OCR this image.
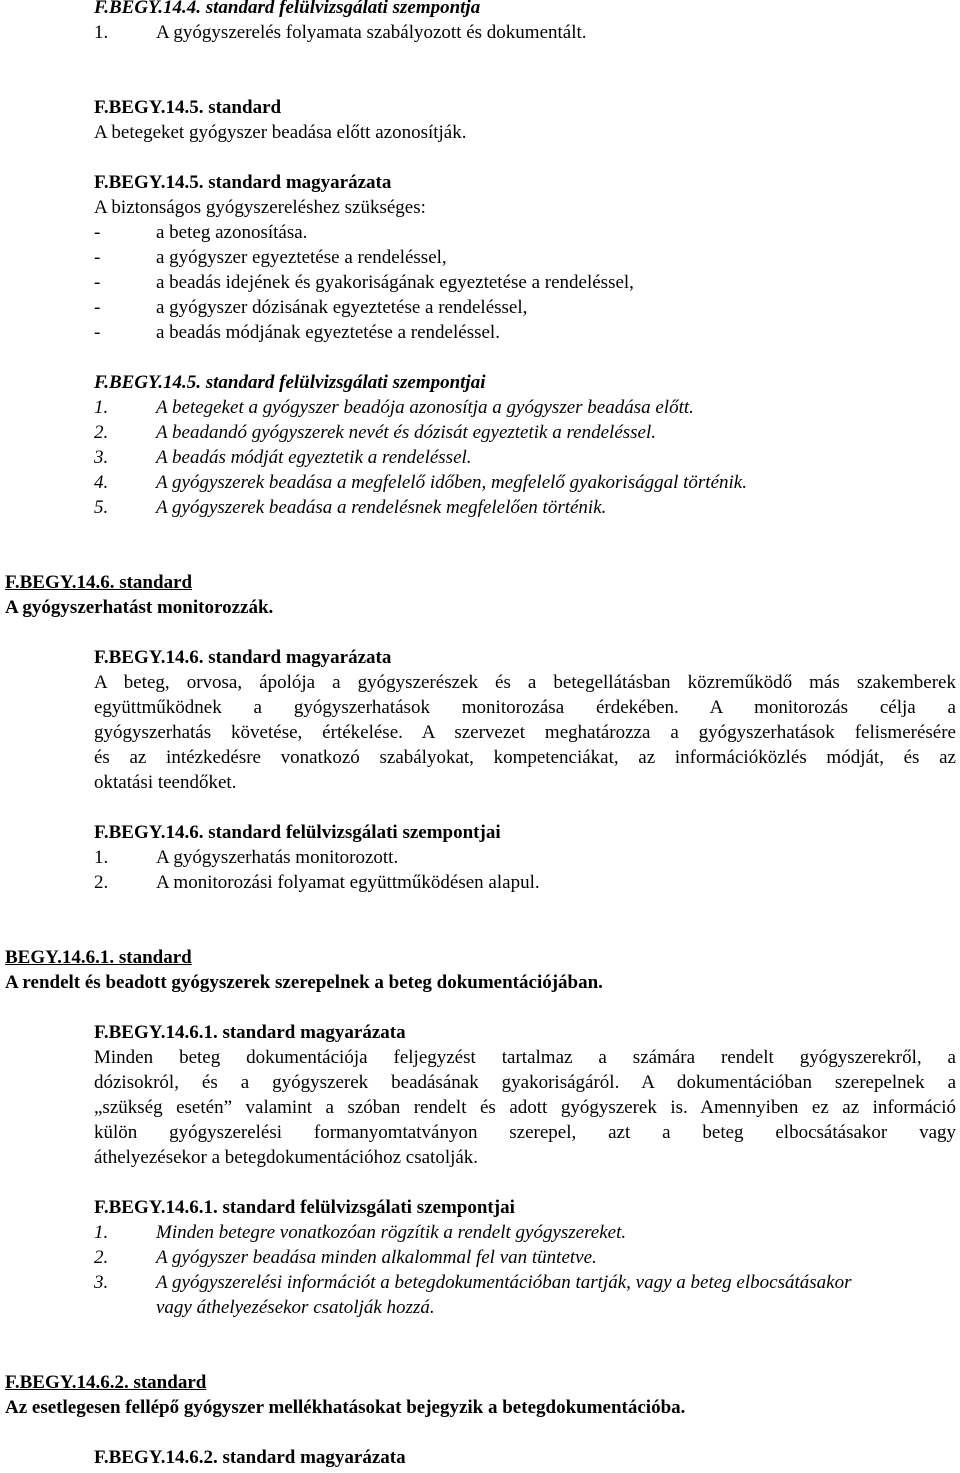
F.BEGY.14.4. standard felülvizsgálati szempontja
1.	A gyógyszerelés folyamata szabályozott és dokumentált.
F.BEGY.14.5. standard
A betegeket gyógyszer beadása előtt azonosítják.
F.BEGY.14.5. standard magyarázata
A biztonságos gyógyszereléshez szükséges:
-	a beteg azonosítása.
-	a gyógyszer egyeztetése a rendeléssel,
-	a beadás idejének és gyakoriságának egyeztetése a rendeléssel,
-	a gyógyszer dózisának egyeztetése a rendeléssel,
-	a beadás módjának egyeztetése a rendeléssel.
F.BEGY.14.5. standard felülvizsgálati szempontjai
1.	A betegeket a gyógyszer beadója azonosítja a gyógyszer beadása előtt.
2.	A beadandó gyógyszerek nevét és dózisát egyeztetik a rendeléssel.
3.	A beadás módját egyeztetik a rendeléssel.
4.	A gyógyszerek beadása a megfelelő időben, megfelelő gyakorisággal történik.
5.	A gyógyszerek beadása a rendelésnek megfelelően történik.
F.BEGY.14.6. standard
A gyógyszerhatást monitorozzák.
F.BEGY.14.6. standard magyarázata
A beteg, orvosa, ápolója a gyógyszerészek és a betegellátásban közreműködő más szakemberek
együttműködnek a gyógyszerhatások monitorozása érdekében. A monitorozás célja a
gyógyszerhatás követése, értékelése. A szervezet meghatározza a gyógyszerhatások felismerésére
és az intézkedésre vonatkozó szabályokat, kompetenciákat, az információközlés módját, és az
oktatási teendőket.
F.BEGY.14.6. standard felülvizsgálati szempontjai
1.	A gyógyszerhatás monitorozott.
2.	A monitorozási folyamat együttműködésen alapul.
BEGY.14.6.1. standard
A rendelt és beadott gyógyszerek szerepelnek a beteg dokumentációjában.
F.BEGY.14.6.1. standard magyarázata
Minden beteg dokumentációja feljegyzést tartalmaz a számára rendelt gyógyszerekről, a
dózisokról, és a gyógyszerek beadásának gyakoriságáról. A dokumentációban szerepelnek a
„szükség esetén” valamint a szóban rendelt és adott gyógyszerek is. Amennyiben ez az információ
külön gyógyszerelési formanyomtatványon szerepel, azt a beteg elbocsátásakor vagy
áthelyezésekor a betegdokumentációhoz csatolják.
F.BEGY.14.6.1. standard felülvizsgálati szempontjai
1.	Minden betegre vonatkozóan rögzítik a rendelt gyógyszereket.
2.	A gyógyszer beadása minden alkalommal fel van tüntetve.
3.	A gyógyszerelési információt a betegdokumentációban tartják, vagy a beteg elbocsátásakor
vagy áthelyezésekor csatolják hozzá.
F.BEGY.14.6.2. standard
Az esetlegesen fellépő gyógyszer mellékhatásokat bejegyzik a betegdokumentációba.
F.BEGY.14.6.2. standard magyarázata
